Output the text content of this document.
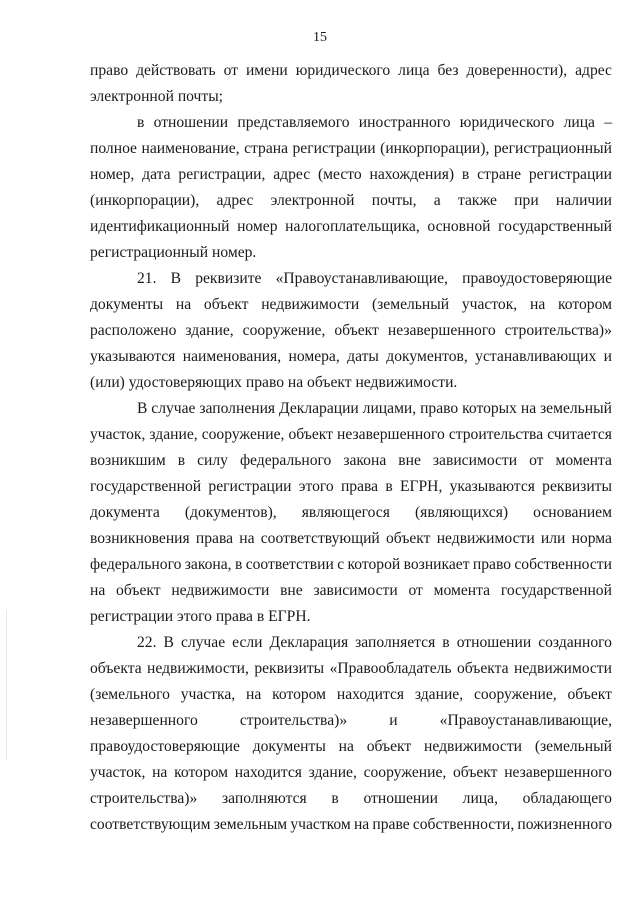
15
право действовать от имени юридического лица без доверенности), адрес
электронной почты;
в отношении представляемого иностранного юридического лица –
полное наименование, страна регистрации (инкорпорации), регистрационный
номер, дата регистрации, адрес (место нахождения) в стране регистрации
(инкорпорации), адрес электронной почты, а также при наличии
идентификационный номер налогоплательщика, основной государственный
регистрационный номер.
21. В реквизите «Правоустанавливающие, правоудостоверяющие
документы на объект недвижимости (земельный участок, на котором
расположено здание, сооружение, объект незавершенного строительства)»
указываются наименования, номера, даты документов, устанавливающих и
(или) удостоверяющих право на объект недвижимости.
В случае заполнения Декларации лицами, право которых на земельный
участок, здание, сооружение, объект незавершенного строительства считается
возникшим в силу федерального закона вне зависимости от момента
государственной регистрации этого права в ЕГРН, указываются реквизиты
документа (документов), являющегося (являющихся) основанием
возникновения права на соответствующий объект недвижимости или норма
федерального закона, в соответствии с которой возникает право собственности
на объект недвижимости вне зависимости от момента государственной
регистрации этого права в ЕГРН.
22. В случае если Декларация заполняется в отношении созданного
объекта недвижимости, реквизиты «Правообладатель объекта недвижимости
(земельного участка, на котором находится здание, сооружение, объект
незавершенного	строительства)»	и	«Правоустанавливающие,
правоудостоверяющие документы на объект недвижимости (земельный
участок, на котором находится здание, сооружение, объект незавершенного
строительства)» заполняются в отношении лица, обладающего
соответствующим земельным участком на праве собственности, пожизненного
